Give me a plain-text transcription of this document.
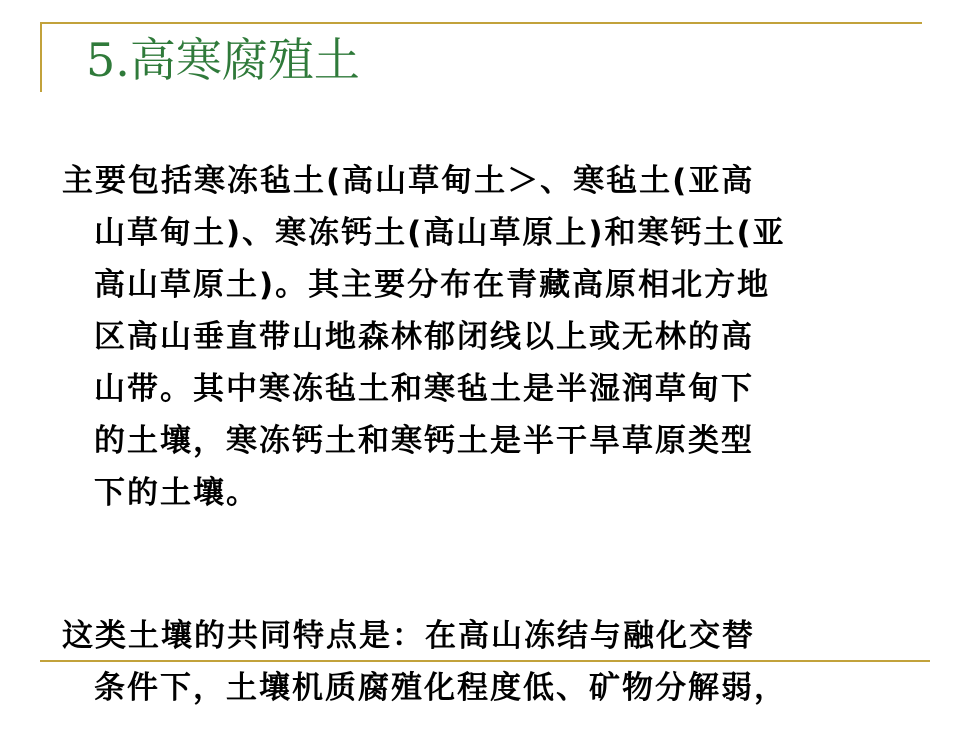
5.高寒腐殖土
主要包括寒冻毡土(高山草甸土＞、寒毡土(亚高
山草甸土)、寒冻钙土(高山草原上)和寒钙土(亚
高山草原土)。其主要分布在青藏高原相北方地
区高山垂直带山地森林郁闭线以上或无林的高
山带。其中寒冻毡土和寒毡土是半湿润草甸下
的土壤，寒冻钙土和寒钙土是半干旱草原类型
下的土壤。
这类土壤的共同特点是：在高山冻结与融化交替
条件下，土壤机质腐殖化程度低、矿物分解弱，
